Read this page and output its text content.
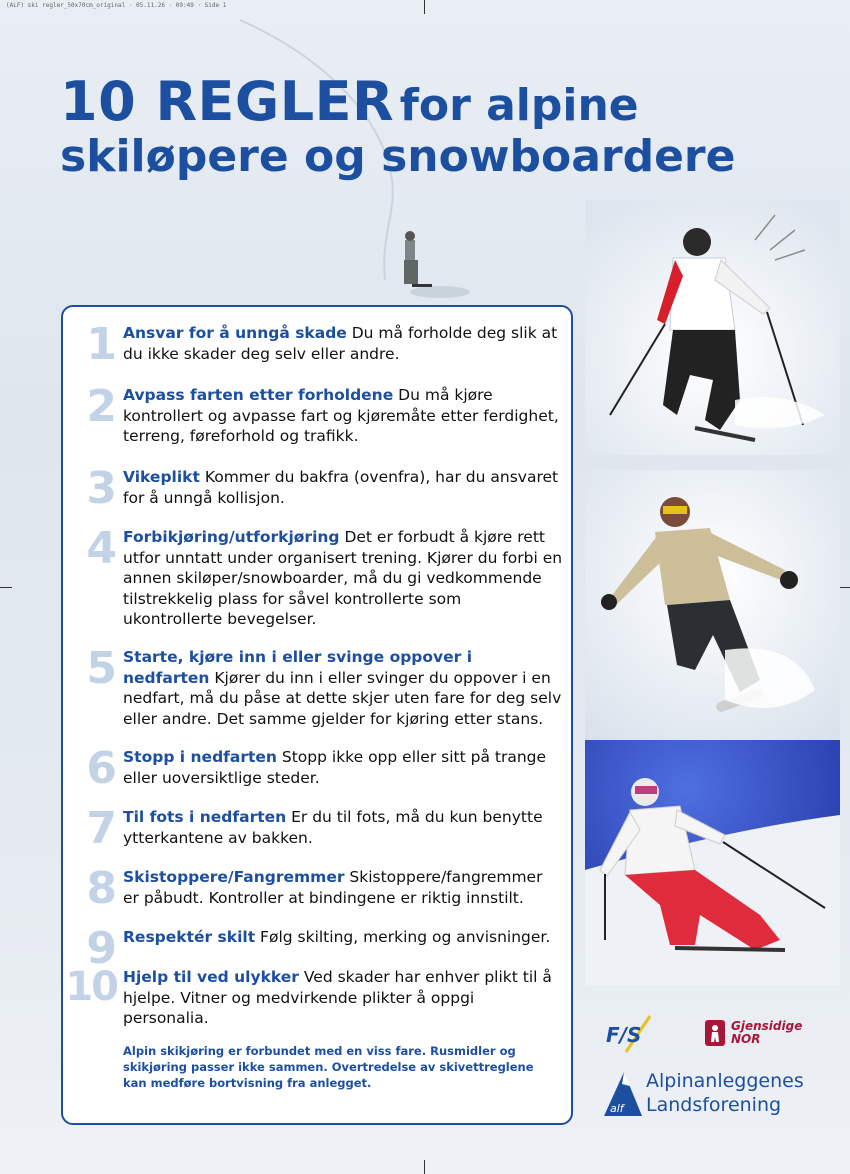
(ALF) ski regler_50x70cm_original · 05.11.26 · 09:49 · Side 1
10 REGLER for alpine
skiløpere og snowboardere
1 Ansvar for å unngå skade Du må forholde deg slik at du ikke skader deg selv eller andre.
2 Avpass farten etter forholdene Du må kjøre kontrollert og avpasse fart og kjøremåte etter ferdighet, terreng, føreforhold og trafikk.
3 Vikeplikt Kommer du bakfra (ovenfra), har du ansvaret for å unngå kollisjon.
4 Forbikjøring/utforkjøring Det er forbudt å kjøre rett utfor unntatt under organisert trening. Kjører du forbi en annen skiløper/snowboarder, må du gi vedkommende tilstrekkelig plass for såvel kontrollerte som ukontrollerte bevegelser.
5 Starte, kjøre inn i eller svinge oppover i nedfarten Kjører du inn i eller svinger du oppover i en nedfart, må du påse at dette skjer uten fare for deg selv eller andre. Det samme gjelder for kjøring etter stans.
6 Stopp i nedfarten Stopp ikke opp eller sitt på trange eller uoversiktlige steder.
7 Til fots i nedfarten Er du til fots, må du kun benytte ytterkantene av bakken.
8 Skistoppere/Fangremmer Skistoppere/fangremmer er påbudt. Kontroller at bindingene er riktig innstilt.
9 Respektér skilt Følg skilting, merking og anvisninger.
10 Hjelp til ved ulykker Ved skader har enhver plikt til å hjelpe. Vitner og medvirkende plikter å oppgi personalia.
Alpin skikjøring er forbundet med en viss fare. Rusmidler og skikjøring passer ikke sammen. Overtredelse av skivettreglene kan medføre bortvisning fra anlegget.
F/S	Gjensidige
NOR
alf
Alpinanleggenes
Landsforening
